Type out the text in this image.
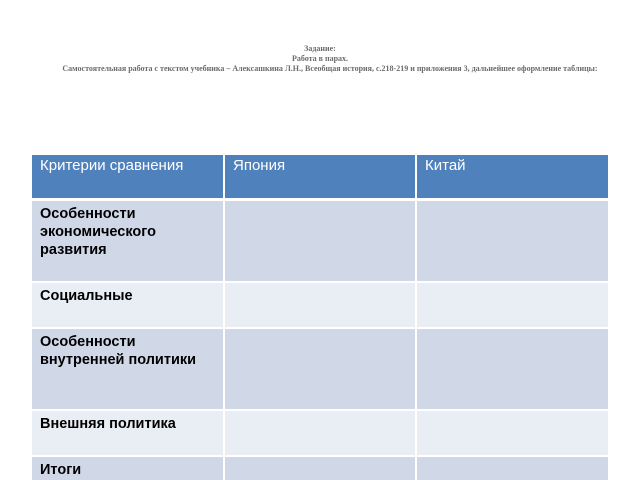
Задание:
Работа в парах.
Самостоятельная работа с текстом учебника – Алексашкина Л.Н., Всеобщая история, с.218-219 и приложения 3, дальнейшее оформление таблицы:
Критерии сравнения	Япония	Китай
Особенности экономического развития		
Социальные		
Особенности внутренней политики		
Внешняя политика		
Итоги		
